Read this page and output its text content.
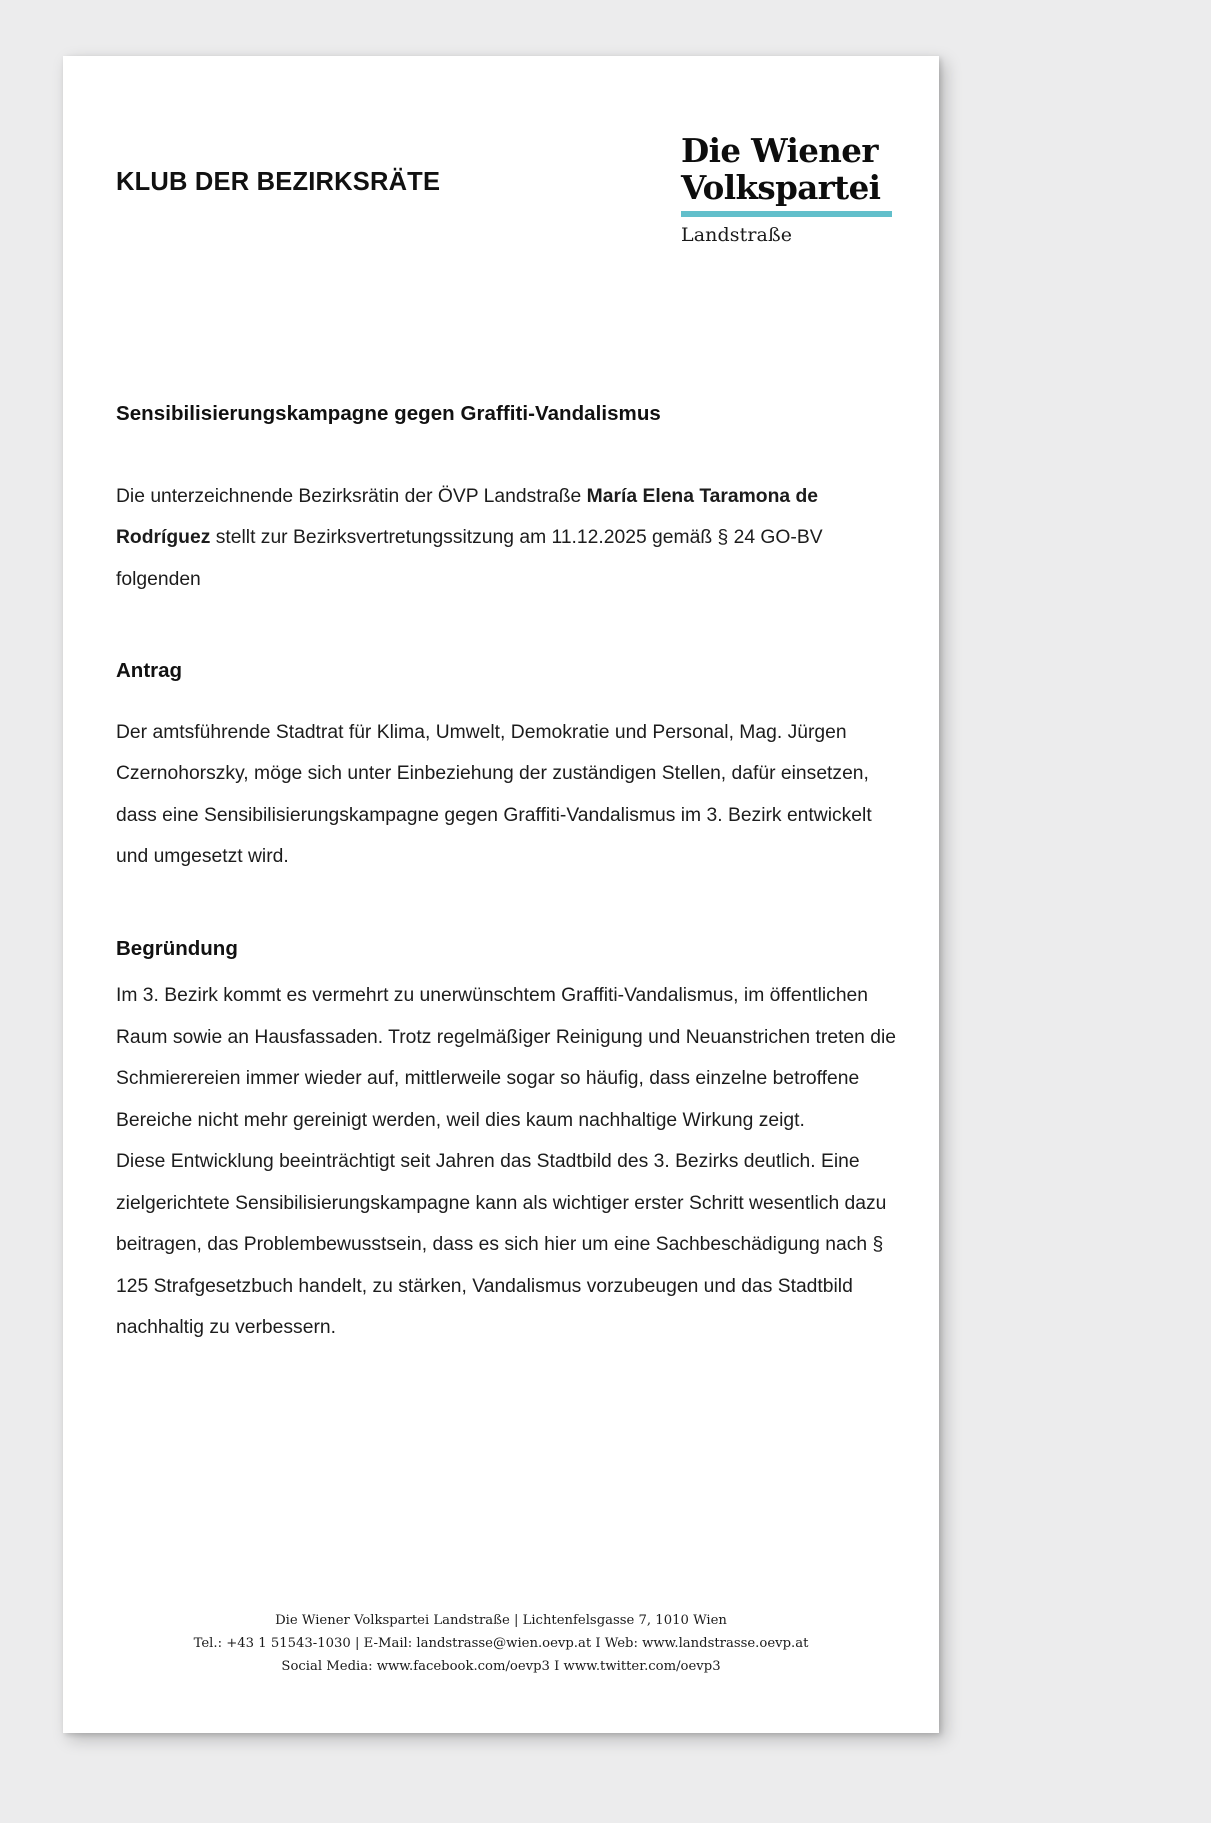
KLUB DER BEZIRKSRÄTE
Die Wiener
Volkspartei
Landstraße
Sensibilisierungskampagne gegen Graffiti-Vandalismus

Die unterzeichnende Bezirksrätin der ÖVP Landstraße María Elena Taramona de Rodríguez stellt zur Bezirksvertretungssitzung am 11.12.2025 gemäß § 24 GO-BV folgenden

Antrag

Der amtsführende Stadtrat für Klima, Umwelt, Demokratie und Personal, Mag. Jürgen Czernohorszky, möge sich unter Einbeziehung der zuständigen Stellen, dafür einsetzen, dass eine Sensibilisierungskampagne gegen Graffiti-Vandalismus im 3. Bezirk entwickelt und umgesetzt wird.

Begründung

Im 3. Bezirk kommt es vermehrt zu unerwünschtem Graffiti-Vandalismus, im öffentlichen Raum sowie an Hausfassaden. Trotz regelmäßiger Reinigung und Neuanstrichen treten die Schmierereien immer wieder auf, mittlerweile sogar so häufig, dass einzelne betroffene Bereiche nicht mehr gereinigt werden, weil dies kaum nachhaltige Wirkung zeigt.

Diese Entwicklung beeinträchtigt seit Jahren das Stadtbild des 3. Bezirks deutlich. Eine zielgerichtete Sensibilisierungskampagne kann als wichtiger erster Schritt wesentlich dazu beitragen, das Problembewusstsein, dass es sich hier um eine Sachbeschädigung nach § 125 Strafgesetzbuch handelt, zu stärken, Vandalismus vorzubeugen und das Stadtbild nachhaltig zu verbessern.

Die Wiener Volkspartei Landstraße | Lichtenfelsgasse 7, 1010 Wien
Tel.: +43 1 51543-1030 | E-Mail: landstrasse@wien.oevp.at I Web: www.landstrasse.oevp.at
Social Media: www.facebook.com/oevp3 I www.twitter.com/oevp3
